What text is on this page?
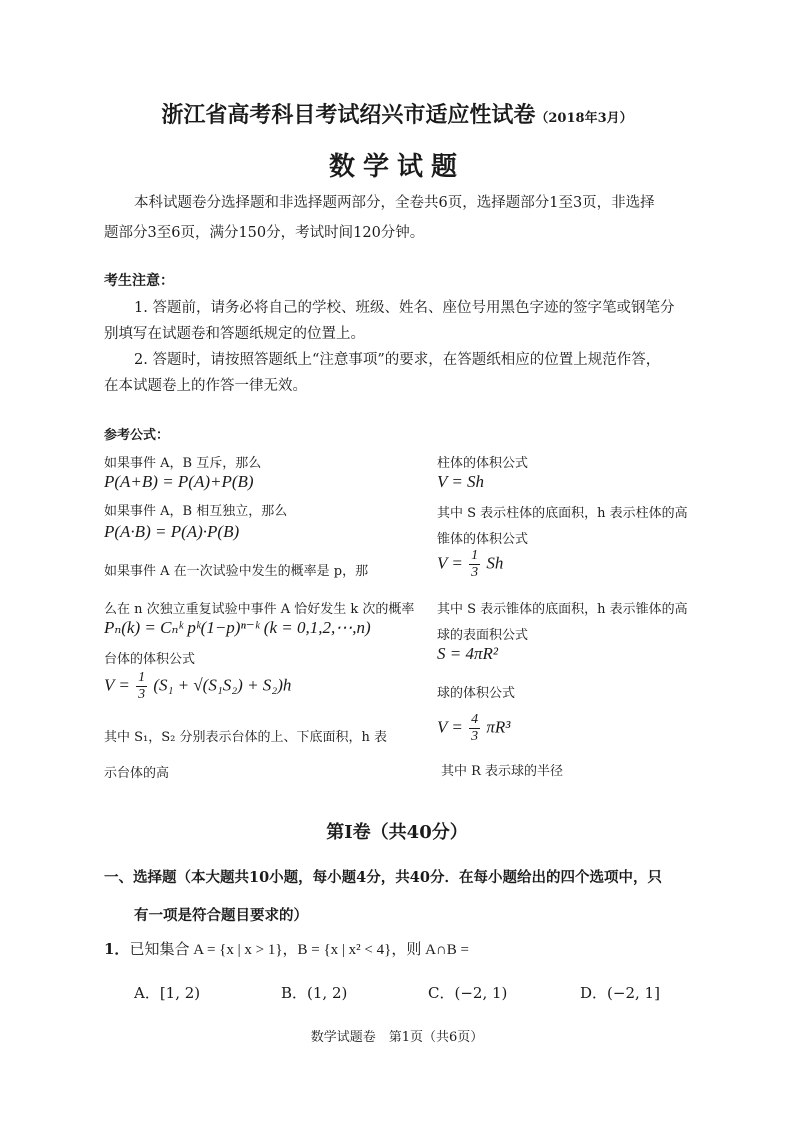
浙江省高考科目考试绍兴市适应性试卷（2018年3月）
数学试题
本科试题卷分选择题和非选择题两部分，全卷共6页，选择题部分1至3页，非选择
题部分3至6页，满分150分，考试时间120分钟。
考生注意：
1. 答题前，请务必将自己的学校、班级、姓名、座位号用黑色字迹的签字笔或钢笔分
别填写在试题卷和答题纸规定的位置上。
2. 答题时，请按照答题纸上“注意事项”的要求，在答题纸相应的位置上规范作答，
在本试题卷上的作答一律无效。
参考公式：
如果事件 A，B 互斥，那么
P(A+B) = P(A)+P(B)
如果事件 A，B 相互独立，那么
P(A·B) = P(A)·P(B)
如果事件 A 在一次试验中发生的概率是 p，那
么在 n 次独立重复试验中事件 A 恰好发生 k 次的概率
Pₙ(k) = Cₙᵏ pᵏ(1−p)ⁿ⁻ᵏ (k = 0,1,2,⋯,n)
台体的体积公式
$V = \frac{1}{3} (S_1 + √(S_1S_2) + S_2)h$
其中 S₁，S₂ 分别表示台体的上、下底面积，h 表
示台体的高
柱体的体积公式
V = Sh
其中 S 表示柱体的底面积，h 表示柱体的高
锥体的体积公式
$V = \frac{1}{3}$ Sh
其中 S 表示锥体的底面积，h 表示锥体的高
球的表面积公式
S = 4πR²
球的体积公式
$V = \frac{4}{3} \pi R^3$
其中 R 表示球的半径
第Ⅰ卷（共40分）
一、选择题（本大题共10小题，每小题4分，共40分．在每小题给出的四个选项中，只
有一项是符合题目要求的）
1．已知集合 A = {x | x > 1}，B = {x | x² < 4}，则 A∩B =
A．[1, 2)	B．(1, 2)	C．(−2, 1)	D．(−2, 1]
数学试题卷　第1页（共6页）
